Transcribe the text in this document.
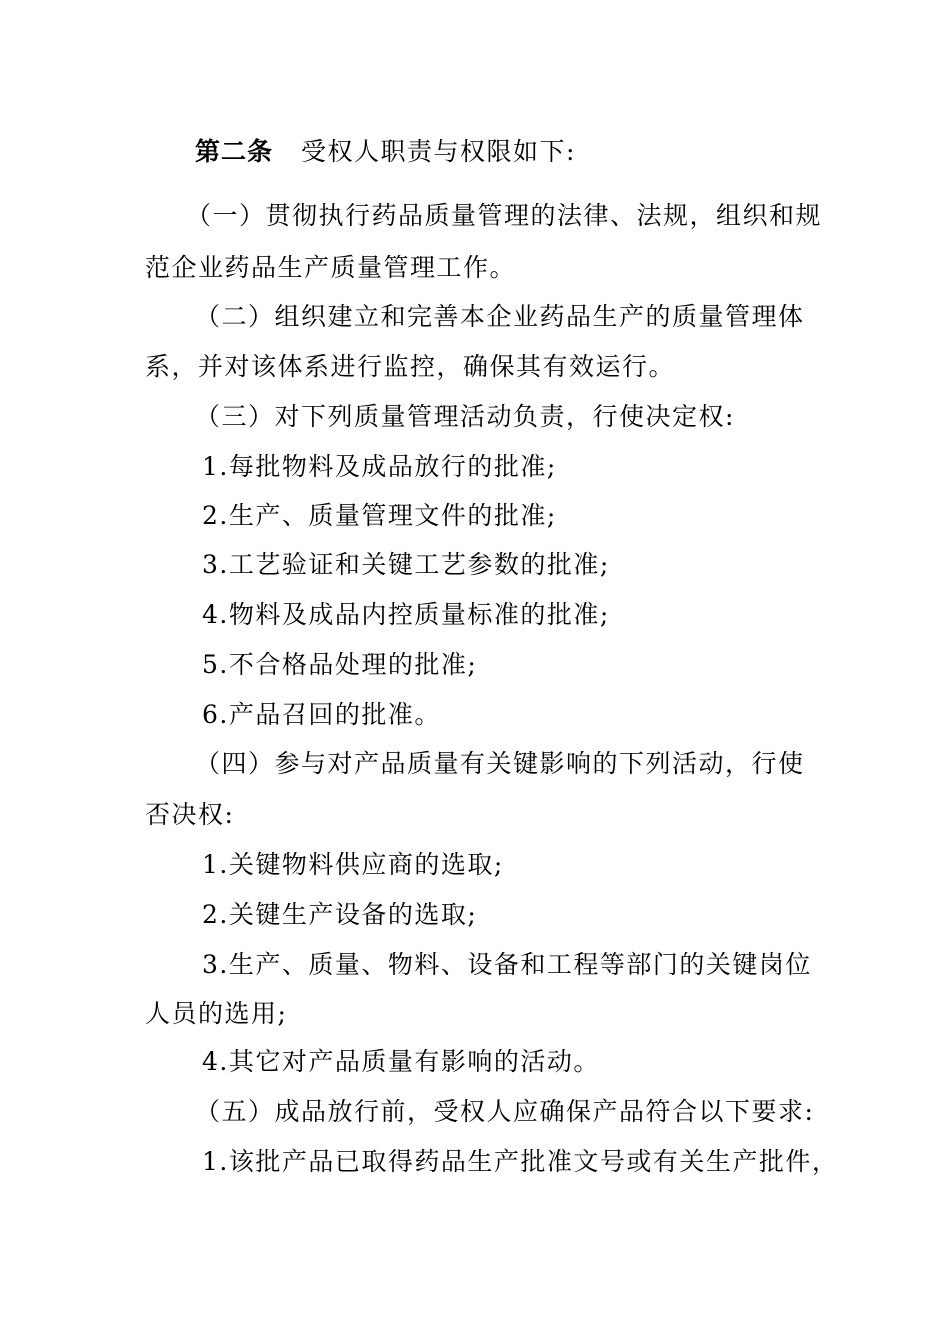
第二条 受权人职责与权限如下:
（一）贯彻执行药品质量管理的法律、法规，组织和规
范企业药品生产质量管理工作。
（二）组织建立和完善本企业药品生产的质量管理体
系，并对该体系进行监控，确保其有效运行。
（三）对下列质量管理活动负责，行使决定权:
1.每批物料及成品放行的批准;
2.生产、质量管理文件的批准;
3.工艺验证和关键工艺参数的批准;
4.物料及成品内控质量标准的批准;
5.不合格品处理的批准;
6.产品召回的批准。
（四）参与对产品质量有关键影响的下列活动，行使
否决权:
1.关键物料供应商的选取;
2.关键生产设备的选取;
3.生产、质量、物料、设备和工程等部门的关键岗位
人员的选用;
4.其它对产品质量有影响的活动。
（五）成品放行前，受权人应确保产品符合以下要求:
1.该批产品已取得药品生产批准文号或有关生产批件，
